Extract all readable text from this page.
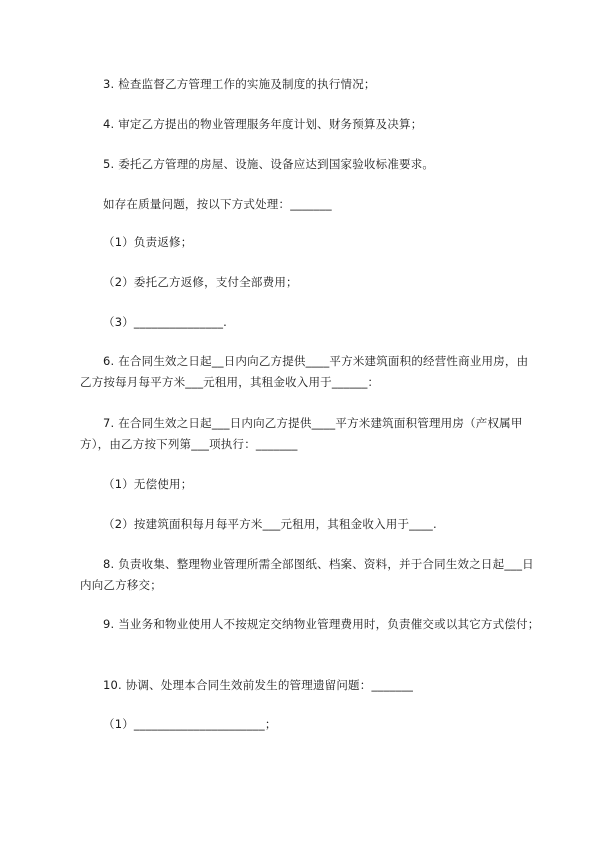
3. 检查监督乙方管理工作的实施及制度的执行情况；
4. 审定乙方提出的物业管理服务年度计划、财务预算及决算；
5. 委托乙方管理的房屋、设施、设备应达到国家验收标准要求。
如存在质量问题，按以下方式处理：_______
（1）负责返修；
（2）委托乙方返修，支付全部费用；
（3）_______________.
6. 在合同生效之日起__日内向乙方提供____平方米建筑面积的经营性商业用房，由乙方按每月每平方米___元租用，其租金收入用于______：
7. 在合同生效之日起___日内向乙方提供____平方米建筑面积管理用房（产权属甲方），由乙方按下列第___项执行：_______
（1）无偿使用；
（2）按建筑面积每月每平方米___元租用，其租金收入用于____.
8. 负责收集、整理物业管理所需全部图纸、档案、资料，并于合同生效之日起___日内向乙方移交；
9. 当业务和物业使用人不按规定交纳物业管理费用时，负责催交或以其它方式偿付；
10. 协调、处理本合同生效前发生的管理遗留问题：_______
（1）______________________；
